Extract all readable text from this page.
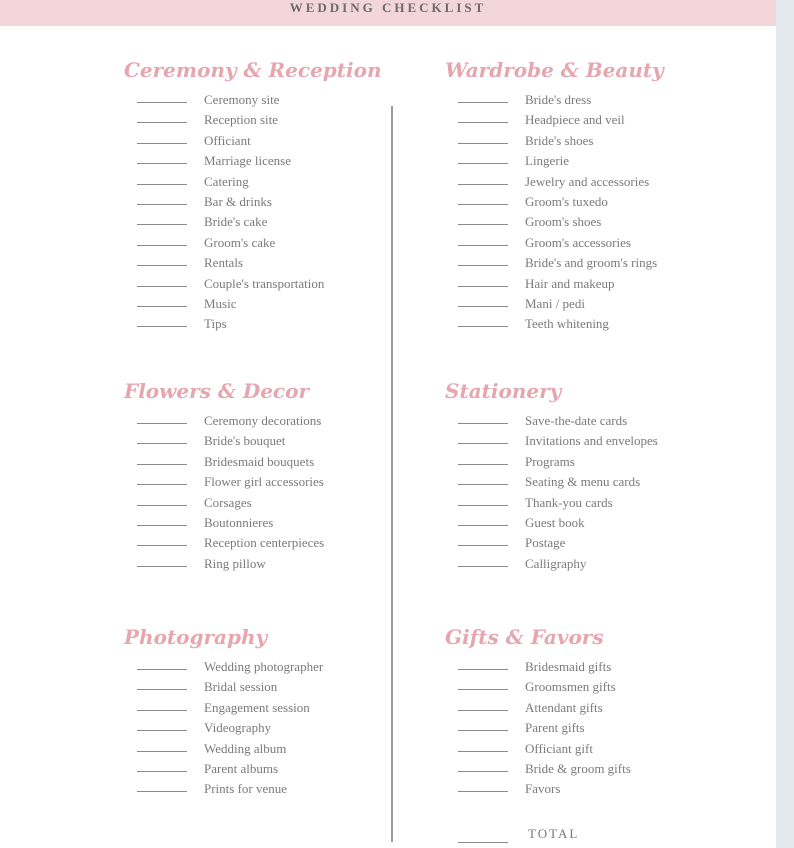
WEDDING CHECKLIST
Ceremony & Reception
Ceremony site
Reception site
Officiant
Marriage license
Catering
Bar & drinks
Bride's cake
Groom's cake
Rentals
Couple's transportation
Music
Tips
Flowers & Decor
Ceremony decorations
Bride's bouquet
Bridesmaid bouquets
Flower girl accessories
Corsages
Boutonnieres
Reception centerpieces
Ring pillow
Photography
Wedding photographer
Bridal session
Engagement session
Videography
Wedding album
Parent albums
Prints for venue
Wardrobe & Beauty
Bride's dress
Headpiece and veil
Bride's shoes
Lingerie
Jewelry and accessories
Groom's tuxedo
Groom's shoes
Groom's accessories
Bride's and groom's rings
Hair and makeup
Mani / pedi
Teeth whitening
Stationery
Save-the-date cards
Invitations and envelopes
Programs
Seating & menu cards
Thank-you cards
Guest book
Postage
Calligraphy
Gifts & Favors
Bridesmaid gifts
Groomsmen gifts
Attendant gifts
Parent gifts
Officiant gift
Bride & groom gifts
Favors
TOTAL
